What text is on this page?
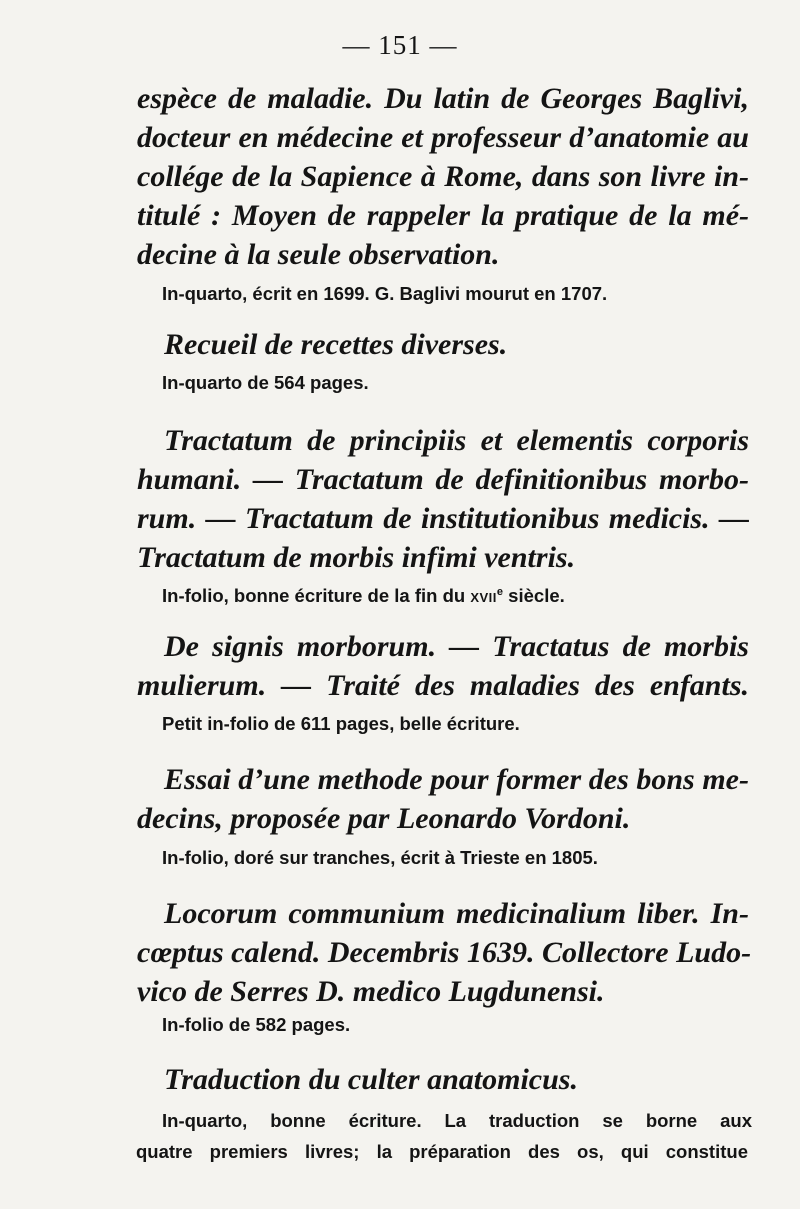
— 151 —
espèce de maladie. Du latin de Georges Baglivi,
docteur en médecine et professeur d’anatomie au
collége de la Sapience à Rome, dans son livre in-
titulé : Moyen de rappeler la pratique de la mé-
decine à la seule observation.
In-quarto, écrit en 1699. G. Baglivi mourut en 1707.
Recueil de recettes diverses.
In-quarto de 564 pages.
Tractatum de principiis et elementis corporis
humani. — Tractatum de definitionibus morbo-
rum. — Tractatum de institutionibus medicis. —
Tractatum de morbis infimi ventris.
In-folio, bonne écriture de la fin du XVIIe siècle.
De signis morborum. — Tractatus de morbis
mulierum. — Traité des maladies des enfants.
Petit in-folio de 611 pages, belle écriture.
Essai d’une methode pour former des bons me-
decins, proposée par Leonardo Vordoni.
In-folio, doré sur tranches, écrit à Trieste en 1805.
Locorum communium medicinalium liber. In-
cœptus calend. Decembris 1639. Collectore Ludo-
vico de Serres D. medico Lugdunensi.
In-folio de 582 pages.
Traduction du culter anatomicus.
In-quarto, bonne écriture. La traduction se borne aux
quatre premiers livres; la préparation des os, qui constitue
